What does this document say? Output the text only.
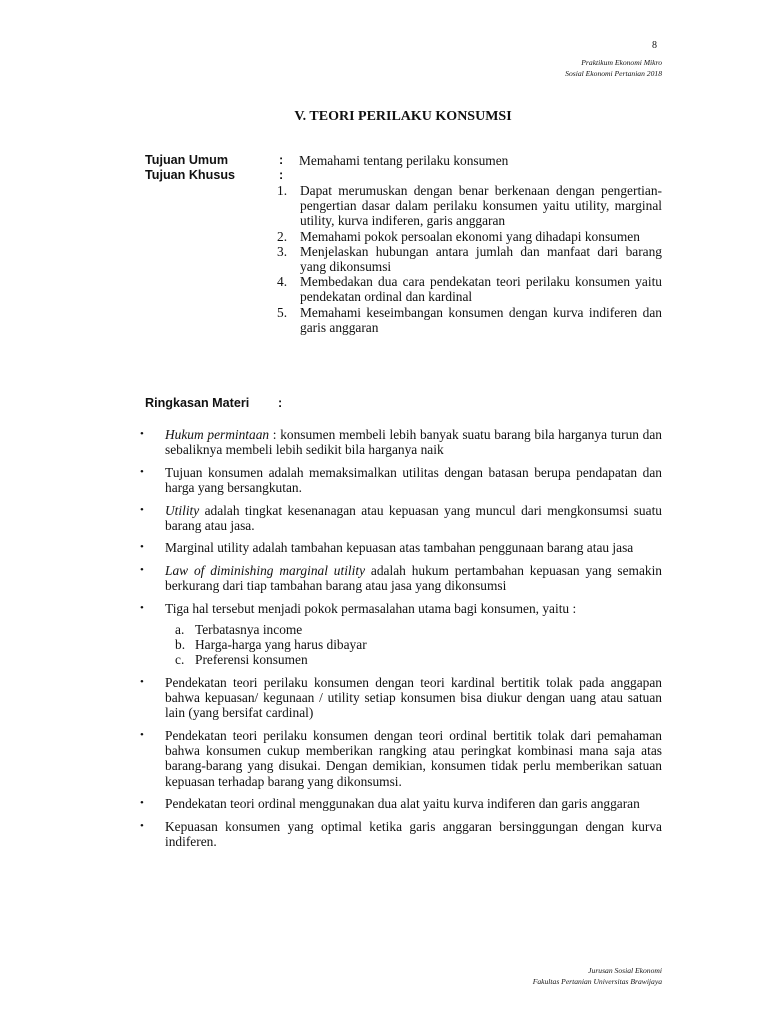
8
Praktikum Ekonomi Mikro
Sosial Ekonomi Pertanian 2018
V. TEORI PERILAKU KONSUMSI
Tujuan Umum	: Memahami tentang perilaku konsumen
Tujuan Khusus	:
1. Dapat merumuskan dengan benar berkenaan dengan pengertian-pengertian dasar dalam perilaku konsumen yaitu utility, marginal utility, kurva indiferen, garis anggaran
2. Memahami pokok persoalan ekonomi yang dihadapi konsumen
3. Menjelaskan hubungan antara jumlah dan manfaat dari barang yang dikonsumsi
4. Membedakan dua cara pendekatan teori perilaku konsumen yaitu pendekatan ordinal dan kardinal
5. Memahami keseimbangan konsumen dengan kurva indiferen dan garis anggaran
Ringkasan Materi :
• Hukum permintaan : konsumen membeli lebih banyak suatu barang bila harganya turun dan sebaliknya membeli lebih sedikit bila harganya naik
• Tujuan konsumen adalah memaksimalkan utilitas dengan batasan berupa pendapatan dan harga yang bersangkutan.
• Utility adalah tingkat kesenanagan atau kepuasan yang muncul dari mengkonsumsi suatu barang atau jasa.
• Marginal utility adalah tambahan kepuasan atas tambahan penggunaan barang atau jasa
• Law of diminishing marginal utility adalah hukum pertambahan kepuasan yang semakin berkurang dari tiap tambahan barang atau jasa yang dikonsumsi
• Tiga hal tersebut menjadi pokok permasalahan utama bagi konsumen, yaitu :
a. Terbatasnya income
b. Harga-harga yang harus dibayar
c. Preferensi konsumen
• Pendekatan teori perilaku konsumen dengan teori kardinal bertitik tolak pada anggapan bahwa kepuasan/ kegunaan / utility setiap konsumen bisa diukur dengan uang atau satuan lain (yang bersifat cardinal)
• Pendekatan teori perilaku konsumen dengan teori ordinal bertitik tolak dari pemahaman bahwa konsumen cukup memberikan rangking atau peringkat kombinasi mana saja atas barang-barang yang disukai. Dengan demikian, konsumen tidak perlu memberikan satuan kepuasan terhadap barang yang dikonsumsi.
• Pendekatan teori ordinal menggunakan dua alat yaitu kurva indiferen dan garis anggaran
• Kepuasan konsumen yang optimal ketika garis anggaran bersinggungan dengan kurva indiferen.
Jurusan Sosial Ekonomi
Fakultas Pertanian Universitas Brawijaya
